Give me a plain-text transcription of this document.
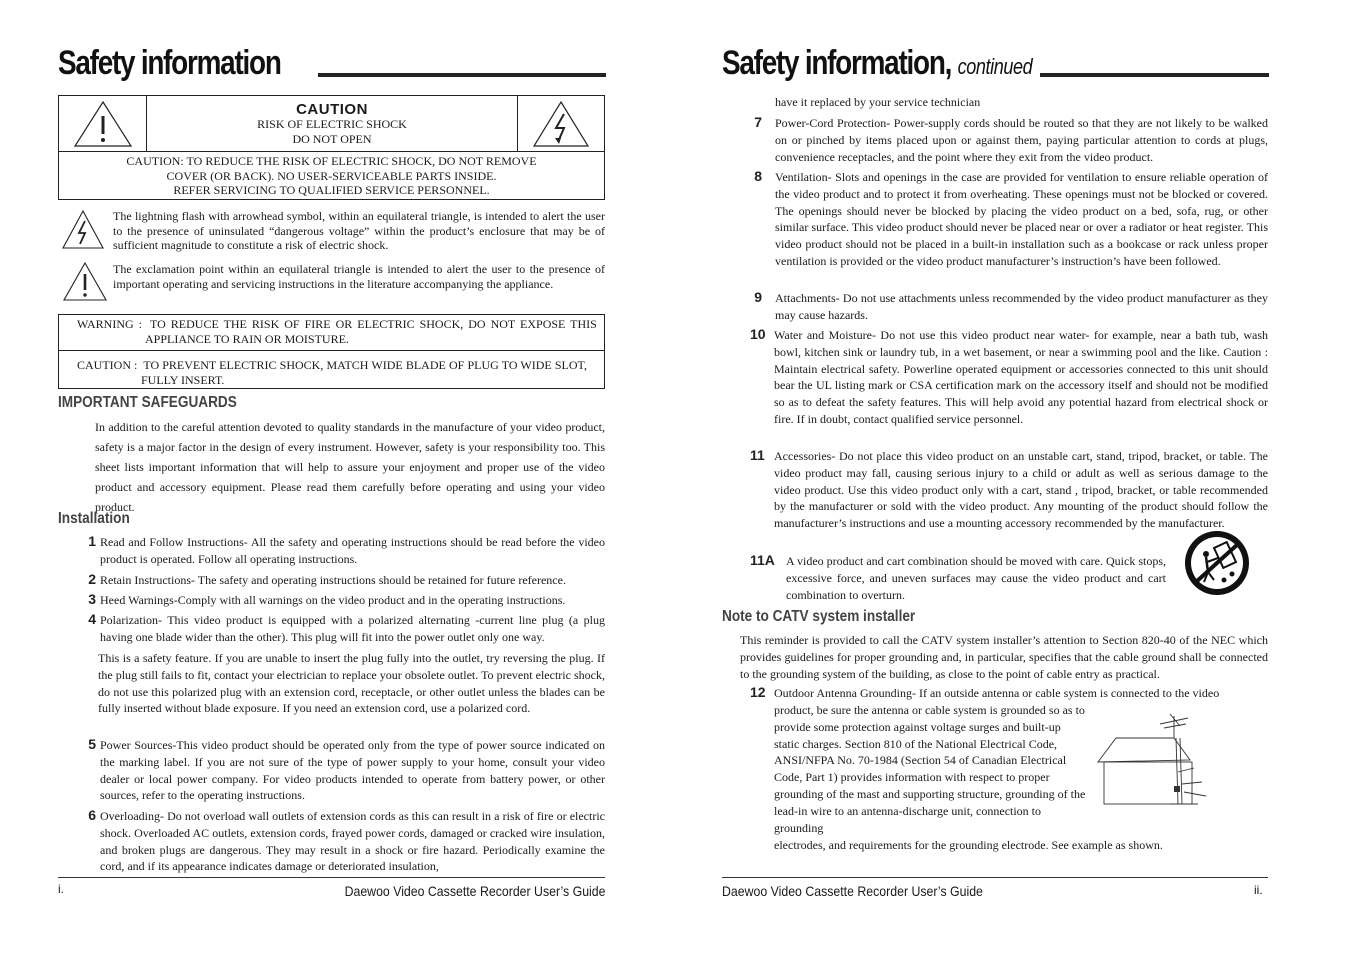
Safety information
CAUTION
RISK OF ELECTRIC SHOCK
DO NOT OPEN
CAUTION: TO REDUCE THE RISK OF ELECTRIC SHOCK, DO NOT REMOVE
COVER (OR BACK). NO USER-SERVICEABLE PARTS INSIDE.
REFER SERVICING TO QUALIFIED SERVICE PERSONNEL.
The lightning flash with arrowhead symbol, within an equilateral triangle, is intended to alert the user to the presence of uninsulated “dangerous voltage” within the product’s enclosure that may be of sufficient magnitude to constitute a risk of electric shock.
The exclamation point within an equilateral triangle is intended to alert the user to the presence of important operating and servicing instructions in the literature accompanying the appliance.
WARNING : TO REDUCE THE RISK OF FIRE OR ELECTRIC SHOCK, DO NOT EXPOSE THIS
APPLIANCE TO RAIN OR MOISTURE.
CAUTION : TO PREVENT ELECTRIC SHOCK, MATCH WIDE BLADE OF PLUG TO WIDE SLOT,
FULLY INSERT.
IMPORTANT SAFEGUARDS
In addition to the careful attention devoted to quality standards in the manufacture of your video product, safety is a major factor in the design of every instrument. However, safety is your responsibility too. This sheet lists important information that will help to assure your enjoyment and proper use of the video product and accessory equipment. Please read them carefully before operating and using your video product.
Installation
1 Read and Follow Instructions- All the safety and operating instructions should be read before the video product is operated. Follow all operating instructions.
2 Retain Instructions- The safety and operating instructions should be retained for future reference.
3 Heed Warnings-Comply with all warnings on the video product and in the operating instructions.
4 Polarization- This video product is equipped with a polarized alternating -current line plug (a plug having one blade wider than the other). This plug will fit into the power outlet only one way.
This is a safety feature. If you are unable to insert the plug fully into the outlet, try reversing the plug. If the plug still fails to fit, contact your electrician to replace your obsolete outlet. To prevent electric shock, do not use this polarized plug with an extension cord, receptacle, or other outlet unless the blades can be fully inserted without blade exposure. If you need an extension cord, use a polarized cord.
5 Power Sources-This video product should be operated only from the type of power source indicated on the marking label. If you are not sure of the type of power supply to your home, consult your video dealer or local power company. For video products intended to operate from battery power, or other sources, refer to the operating instructions.
6 Overloading- Do not overload wall outlets of extension cords as this can result in a risk of fire or electric shock. Overloaded AC outlets, extension cords, frayed power cords, damaged or cracked wire insulation, and broken plugs are dangerous. They may result in a shock or fire hazard. Periodically examine the cord, and if its appearance indicates damage or deteriorated insulation,
i.	Daewoo Video Cassette Recorder User’s Guide
Safety information, continued
have it replaced by your service technician
7 Power-Cord Protection- Power-supply cords should be routed so that they are not likely to be walked on or pinched by items placed upon or against them, paying particular attention to cords at plugs, convenience receptacles, and the point where they exit from the video product.
8 Ventilation- Slots and openings in the case are provided for ventilation to ensure reliable operation of the video product and to protect it from overheating. These openings must not be blocked or covered. The openings should never be blocked by placing the video product on a bed, sofa, rug, or other similar surface. This video product should never be placed near or over a radiator or heat register. This video product should not be placed in a built-in installation such as a bookcase or rack unless proper ventilation is provided or the video product manufacturer’s instruction’s have been followed.
9 Attachments- Do not use attachments unless recommended by the video product manufacturer as they may cause hazards.
10 Water and Moisture- Do not use this video product near water- for example, near a bath tub, wash bowl, kitchen sink or laundry tub, in a wet basement, or near a swimming pool and the like. Caution : Maintain electrical safety. Powerline operated equipment or accessories connected to this unit should bear the UL listing mark or CSA certification mark on the accessory itself and should not be modified so as to defeat the safety features. This will help avoid any potential hazard from electrical shock or fire. If in doubt, contact qualified service personnel.
11 Accessories- Do not place this video product on an unstable cart, stand, tripod, bracket, or table. The video product may fall, causing serious injury to a child or adult as well as serious damage to the video product. Use this video product only with a cart, stand , tripod, bracket, or table recommended by the manufacturer or sold with the video product. Any mounting of the product should follow the manufacturer’s instructions and use a mounting accessory recommended by the manufacturer.
11A A video product and cart combination should be moved with care. Quick stops, excessive force, and uneven surfaces may cause the video product and cart combination to overturn.
Note to CATV system installer
This reminder is provided to call the CATV system installer’s attention to Section 820-40 of the NEC which provides guidelines for proper grounding and, in particular, specifies that the cable ground shall be connected to the grounding system of the building, as close to the point of cable entry as practical.
12 Outdoor Antenna Grounding- If an outside antenna or cable system is connected to the video
product, be sure the antenna or cable system is grounded so as to provide some protection against voltage surges and built-up static charges. Section 810 of the National Electrical Code, ANSI/NFPA No. 70-1984 (Section 54 of Canadian Electrical Code, Part 1) provides information with respect to proper grounding of the mast and supporting structure, grounding of the lead-in wire to an antenna-discharge unit, connection to grounding
electrodes, and requirements for the grounding electrode. See example as shown.
Daewoo Video Cassette Recorder User’s Guide	ii.
